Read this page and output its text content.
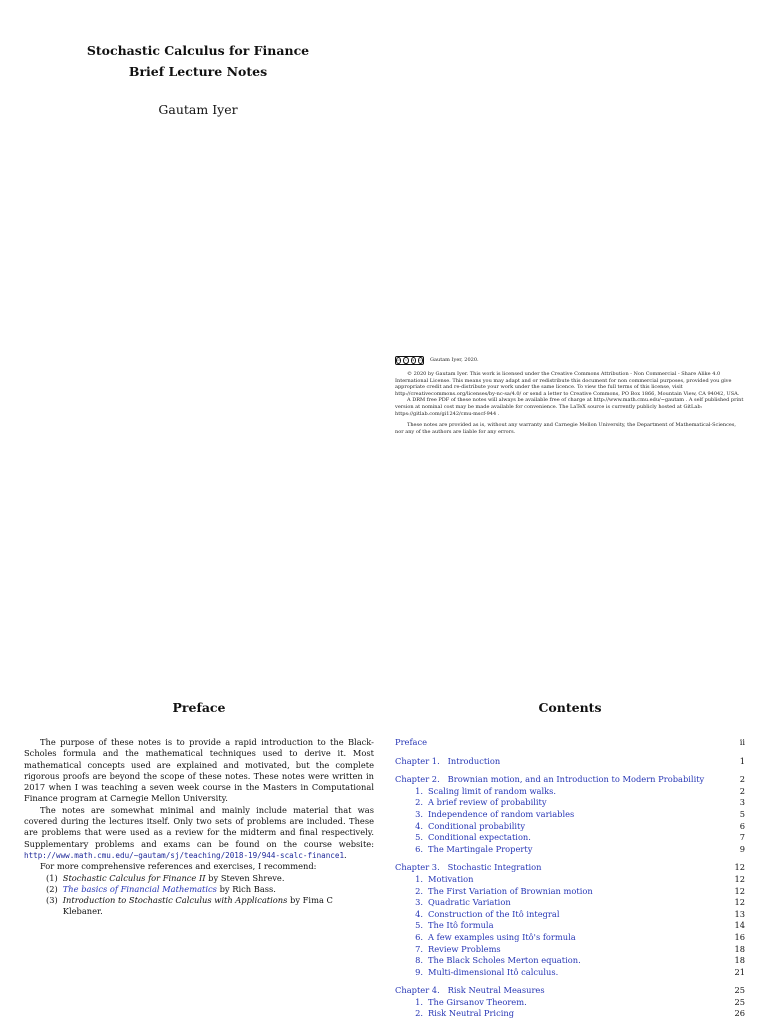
Stochastic Calculus for Finance
Brief Lecture Notes
Gautam Iyer
cc	i	$	o	Gautam Iyer, 2020.

© 2020 by Gautam Iyer. This work is licensed under the Creative Commons Attribution - Non Commercial - Share Alike 4.0 International License. This means you may adapt and or redistribute this document for non commercial purposes, provided you give appropriate credit and re-distribute your work under the same licence. To view the full terms of this license, visit http://creativecommons.org/licenses/by-nc-sa/4.0/ or send a letter to Creative Commons, PO Box 1866, Mountain View, CA 94042, USA.

A DRM free PDF of these notes will always be available free of charge at http://www.math.cmu.edu/~gautam . A self published print version at nominal cost may be made available for convenience. The LaTeX source is currently publicly hosted at GitLab: https://gitlab.com/gi1242/cmu-mscf-944 .

These notes are provided as is, without any warranty and Carnegie Mellon University, the Department of Mathematical-Sciences, nor any of the authors are liable for any errors.

Preface

The purpose of these notes is to provide a rapid introduction to the Black-Scholes formula and the mathematical techniques used to derive it. Most mathematical concepts used are explained and motivated, but the complete rigorous proofs are beyond the scope of these notes. These notes were written in 2017 when I was teaching a seven week course in the Masters in Computational Finance program at Carnegie Mellon University.

The notes are somewhat minimal and mainly include material that was covered during the lectures itself. Only two sets of problems are included. These are problems that were used as a review for the midterm and final respectively. Supplementary problems and exams can be found on the course website: http://www.math.cmu.edu/~gautam/sj/teaching/2018-19/944-scalc-finance1.

For more comprehensive references and exercises, I recommend:

(1) Stochastic Calculus for Finance II by Steven Shreve.
(2) The basics of Financial Mathematics by Rich Bass.
(3) Introduction to Stochastic Calculus with Applications by Fima C Klebaner.
Contents
Preface	ii
Chapter 1.   Introduction	1
Chapter 2.   Brownian motion, and an Introduction to Modern Probability	2
1. Scaling limit of random walks.	2
2. A brief review of probability	3
3. Independence of random variables	5
4. Conditional probability	6
5. Conditional expectation.	7
6. The Martingale Property	9
Chapter 3.   Stochastic Integration	12
1. Motivation	12
2. The First Variation of Brownian motion	12
3. Quadratic Variation	12
4. Construction of the Itô integral	13
5. The Itô formula	14
6. A few examples using Itô's formula	16
7. Review Problems	18
8. The Black Scholes Merton equation.	18
9. Multi-dimensional Itô calculus.	21
Chapter 4.   Risk Neutral Measures	25
1. The Girsanov Theorem.	25
2. Risk Neutral Pricing	26
